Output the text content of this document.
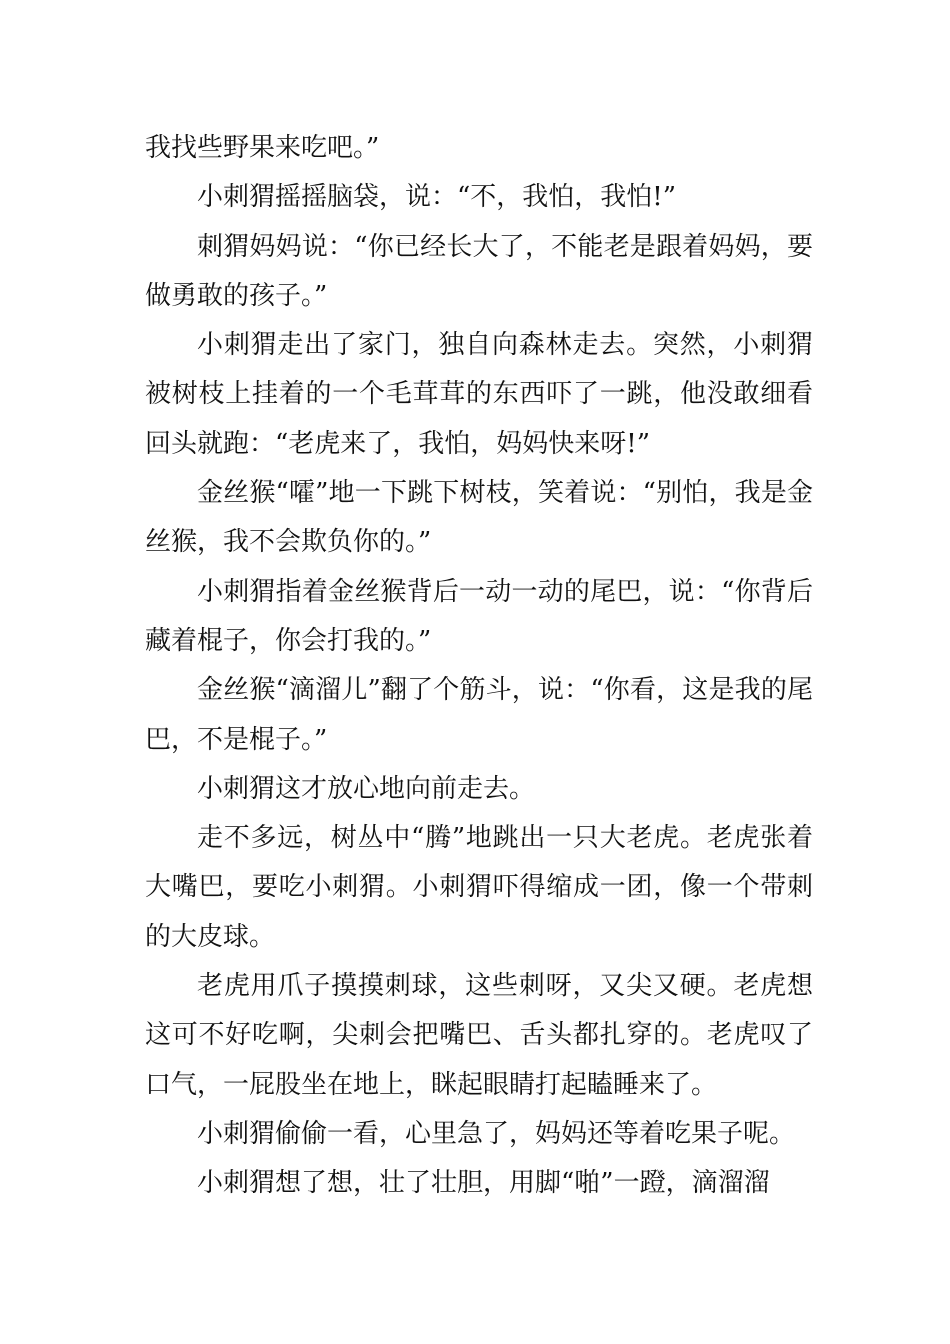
我找些野果来吃吧。”

小刺猬摇摇脑袋，说：“不，我怕，我怕!”

刺猬妈妈说：“你已经长大了，不能老是跟着妈妈，要做勇敢的孩子。”

小刺猬走出了家门，独自向森林走去。突然，小刺猬被树枝上挂着的一个毛茸茸的东西吓了一跳，他没敢细看回头就跑：“老虎来了，我怕，妈妈快来呀!”

金丝猴“嚯”地一下跳下树枝，笑着说：“别怕，我是金丝猴，我不会欺负你的。”

小刺猬指着金丝猴背后一动一动的尾巴，说：“你背后藏着棍子，你会打我的。”

金丝猴“滴溜儿”翻了个筋斗，说：“你看，这是我的尾巴，不是棍子。”

小刺猬这才放心地向前走去。

走不多远，树丛中“腾”地跳出一只大老虎。老虎张着大嘴巴，要吃小刺猬。小刺猬吓得缩成一团，像一个带刺的大皮球。

老虎用爪子摸摸刺球，这些刺呀，又尖又硬。老虎想这可不好吃啊，尖刺会把嘴巴、舌头都扎穿的。老虎叹了口气，一屁股坐在地上，眯起眼睛打起瞌睡来了。

小刺猬偷偷一看，心里急了，妈妈还等着吃果子呢。

小刺猬想了想，壮了壮胆，用脚“啪”一蹬，滴溜溜
